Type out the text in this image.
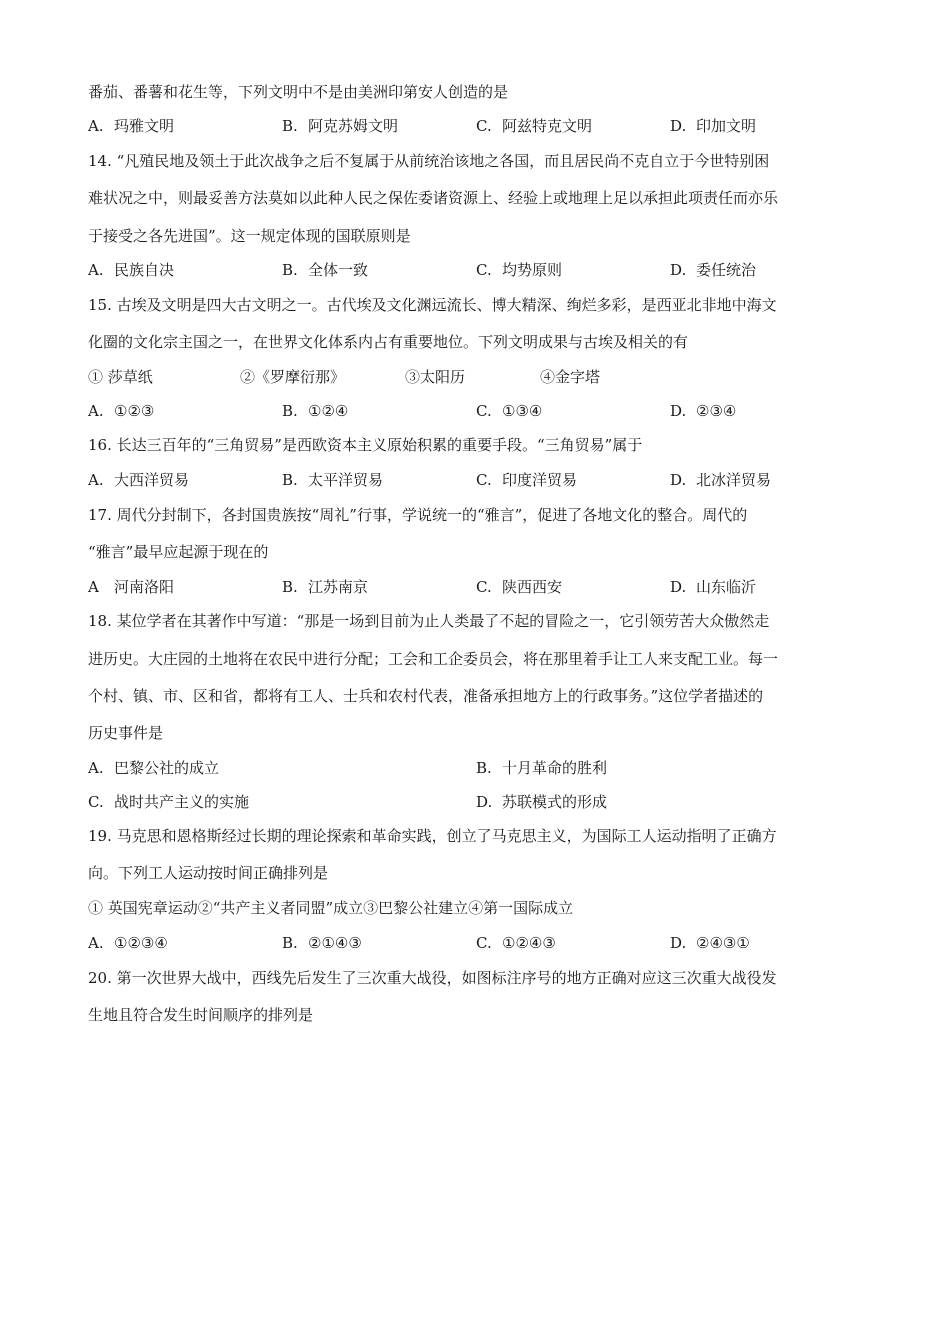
番茄、番薯和花生等，下列文明中不是由美洲印第安人创造的是
A. 玛雅文明	B. 阿克苏姆文明	C. 阿兹特克文明	D. 印加文明
14. “凡殖民地及领土于此次战争之后不复属于从前统治该地之各国，而且居民尚不克自立于今世特别困
难状况之中，则最妥善方法莫如以此种人民之保佐委诸资源上、经验上或地理上足以承担此项责任而亦乐
于接受之各先进国”。这一规定体现的国联原则是
A. 民族自决	B. 全体一致	C. 均势原则	D. 委任统治
15. 古埃及文明是四大古文明之一。古代埃及文化渊远流长、博大精深、绚烂多彩，是西亚北非地中海文
化圈的文化宗主国之一，在世界文化体系内占有重要地位。下列文明成果与古埃及相关的有
① 莎草纸	②《罗摩衍那》	③太阳历	④金字塔
A. ①②③	B. ①②④	C. ①③④	D. ②③④
16. 长达三百年的“三角贸易”是西欧资本主义原始积累的重要手段。“三角贸易”属于
A. 大西洋贸易	B. 太平洋贸易	C. 印度洋贸易	D. 北冰洋贸易
17. 周代分封制下，各封国贵族按“周礼”行事，学说统一的“雅言”，促进了各地文化的整合。周代的
“雅言”最早应起源于现在的
A 河南洛阳	B. 江苏南京	C. 陕西西安	D. 山东临沂
18. 某位学者在其著作中写道：“那是一场到目前为止人类最了不起的冒险之一，它引领劳苦大众傲然走
进历史。大庄园的土地将在农民中进行分配；工会和工企委员会，将在那里着手让工人来支配工业。每一
个村、镇、市、区和省，都将有工人、士兵和农村代表，准备承担地方上的行政事务。”这位学者描述的
历史事件是
A. 巴黎公社的成立	B. 十月革命的胜利
C. 战时共产主义的实施	D. 苏联模式的形成
19. 马克思和恩格斯经过长期的理论探索和革命实践，创立了马克思主义，为国际工人运动指明了正确方
向。下列工人运动按时间正确排列是
① 英国宪章运动②“共产主义者同盟”成立③巴黎公社建立④第一国际成立
A. ①②③④	B. ②①④③	C. ①②④③	D. ②④③①
20. 第一次世界大战中，西线先后发生了三次重大战役，如图标注序号的地方正确对应这三次重大战役发
生地且符合发生时间顺序的排列是
